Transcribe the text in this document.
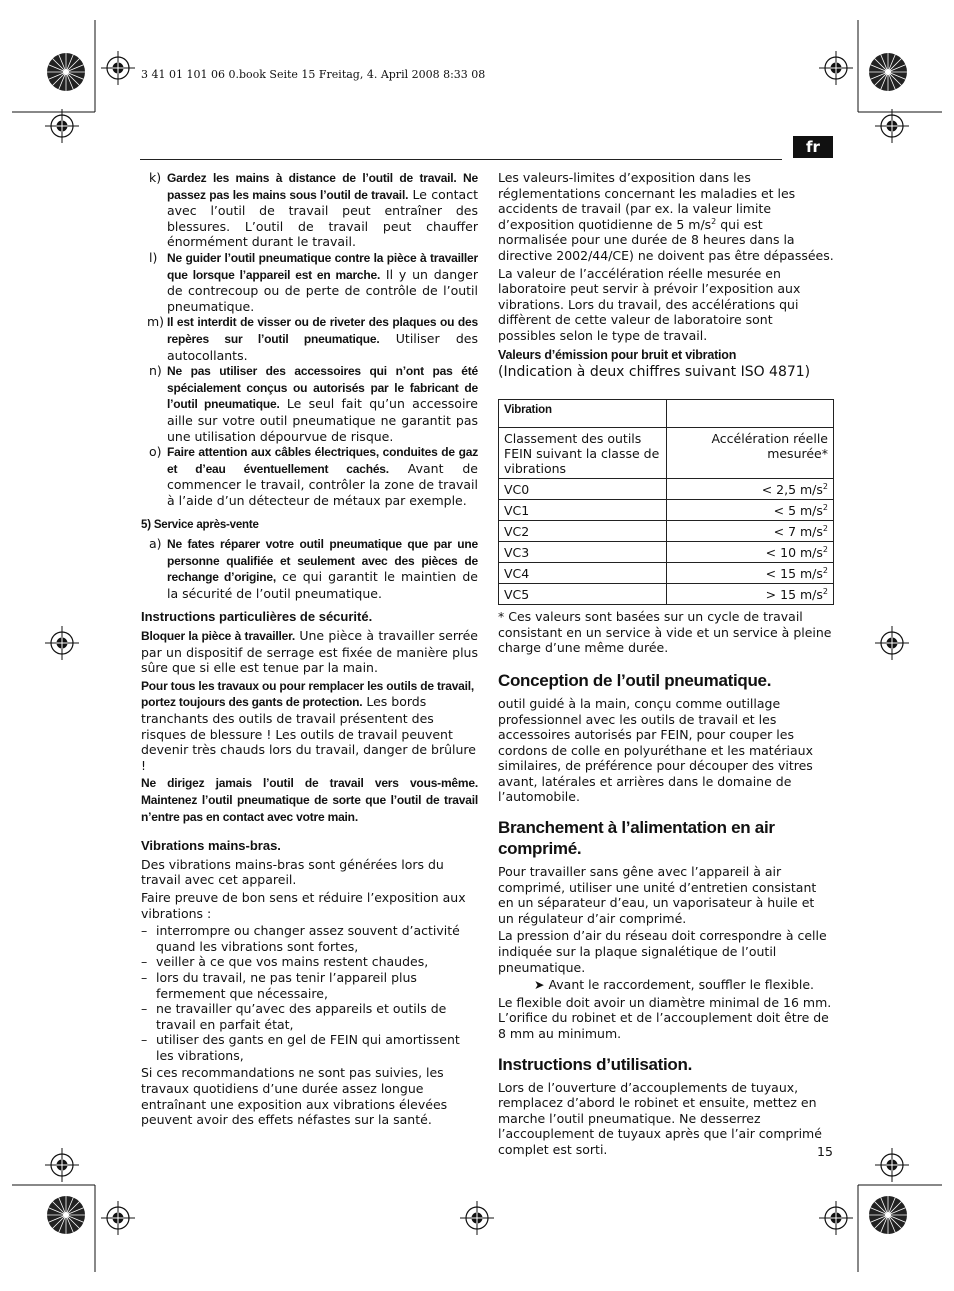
3 41 01 101 06 0.book Seite 15 Freitag, 4. April 2008 8:33 08
fr
k) Gardez les mains à distance de l’outil de travail. Ne passez pas les mains sous l’outil de travail. Le contact avec l’outil de travail peut entraîner des blessures. L’outil de travail peut chauffer énormément durant le travail.
l) Ne guider l’outil pneumatique contre la pièce à travailler que lorsque l’appareil est en marche. Il y un danger de contrecoup ou de perte de contrôle de l’outil pneumatique.
m) Il est interdit de visser ou de riveter des plaques ou des repères sur l’outil pneumatique. Utiliser des autocollants.
n) Ne pas utiliser des accessoires qui n’ont pas été spécialement conçus ou autorisés par le fabricant de l’outil pneumatique. Le seul fait qu’un accessoire aille sur votre outil pneumatique ne garantit pas une utilisation dépourvue de risque.
o) Faire attention aux câbles électriques, conduites de gaz et d’eau éventuellement cachés. Avant de commencer le travail, contrôler la zone de travail à l’aide d’un détecteur de métaux par exemple.
5) Service après-vente
a) Ne fates réparer votre outil pneumatique que par une personne qualifiée et seulement avec des pièces de rechange d’origine, ce qui garantit le maintien de la sécurité de l’outil pneumatique.
Instructions particulières de sécurité.

Bloquer la pièce à travailler. Une pièce à travailler serrée par un dispositif de serrage est fixée de manière plus sûre que si elle est tenue par la main.

Pour tous les travaux ou pour remplacer les outils de travail, portez toujours des gants de protection. Les bords tranchants des outils de travail présentent des risques de blessure ! Les outils de travail peuvent devenir très chauds lors du travail, danger de brûlure !

Ne dirigez jamais l’outil de travail vers vous-même. Maintenez l’outil pneumatique de sorte que l’outil de travail n’entre pas en contact avec votre main.

Vibrations mains-bras.

Des vibrations mains-bras sont générées lors du travail avec cet appareil.

Faire preuve de bon sens et réduire l’exposition aux vibrations :

– interrompre ou changer assez souvent d’activité quand les vibrations sont fortes,
– veiller à ce que vos mains restent chaudes,
– lors du travail, ne pas tenir l’appareil plus fermement que nécessaire,
– ne travailler qu’avec des appareils et outils de travail en parfait état,
– utiliser des gants en gel de FEIN qui amortissent les vibrations,

Si ces recommandations ne sont pas suivies, les travaux quotidiens d’une durée assez longue entraînant une exposition aux vibrations élevées peuvent avoir des effets néfastes sur la santé.

Les valeurs-limites d’exposition dans les réglementations concernant les maladies et les accidents de travail (par ex. la valeur limite d’exposition quotidienne de 5 $m/s^2$ qui est normalisée pour une durée de 8 heures dans la directive 2002/44/CE) ne doivent pas être dépassées.

La valeur de l’accélération réelle mesurée en laboratoire peut servir à prévoir l’exposition aux vibrations. Lors du travail, des accélérations qui diffèrent de cette valeur de laboratoire sont possibles selon le type de travail.

Valeurs d’émission pour bruit et vibration
(Indication à deux chiffres suivant ISO 4871)
Vibration	
Classement des outils FEIN suivant la classe de vibrations	Accélération réelle mesurée*
VC0	< 2,5 $m/s^2$
VC1	< 5 $m/s^2$
VC2	< 7 $m/s^2$
VC3	< 10 $m/s^2$
VC4	< 15 $m/s^2$
VC5	> 15 $m/s^2$

* Ces valeurs sont basées sur un cycle de travail consistant en un service à vide et un service à pleine charge d’une même durée.

Conception de l’outil pneumatique.

outil guidé à la main, conçu comme outillage professionnel avec les outils de travail et les accessoires autorisés par FEIN, pour couper les cordons de colle en polyuréthane et les matériaux similaires, de préférence pour découper des vitres avant, latérales et arrières dans le domaine de l’automobile.

Branchement à l’alimentation en air comprimé.

Pour travailler sans gêne avec l’appareil à air comprimé, utiliser une unité d’entretien consistant en un séparateur d’eau, un vaporisateur à huile et un régulateur d’air comprimé.

La pression d’air du réseau doit correspondre à celle indiquée sur la plaque signalétique de l’outil pneumatique.

➤ Avant le raccordement, souffler le flexible.

Le flexible doit avoir un diamètre minimal de 16 mm. L’orifice du robinet et de l’accouplement doit être de 8 mm au minimum.

Instructions d’utilisation.

Lors de l’ouverture d’accouplements de tuyaux, remplacez d’abord le robinet et ensuite, mettez en marche l’outil pneumatique. Ne desserrez l’accouplement de tuyaux après que l’air comprimé complet est sorti.	15
